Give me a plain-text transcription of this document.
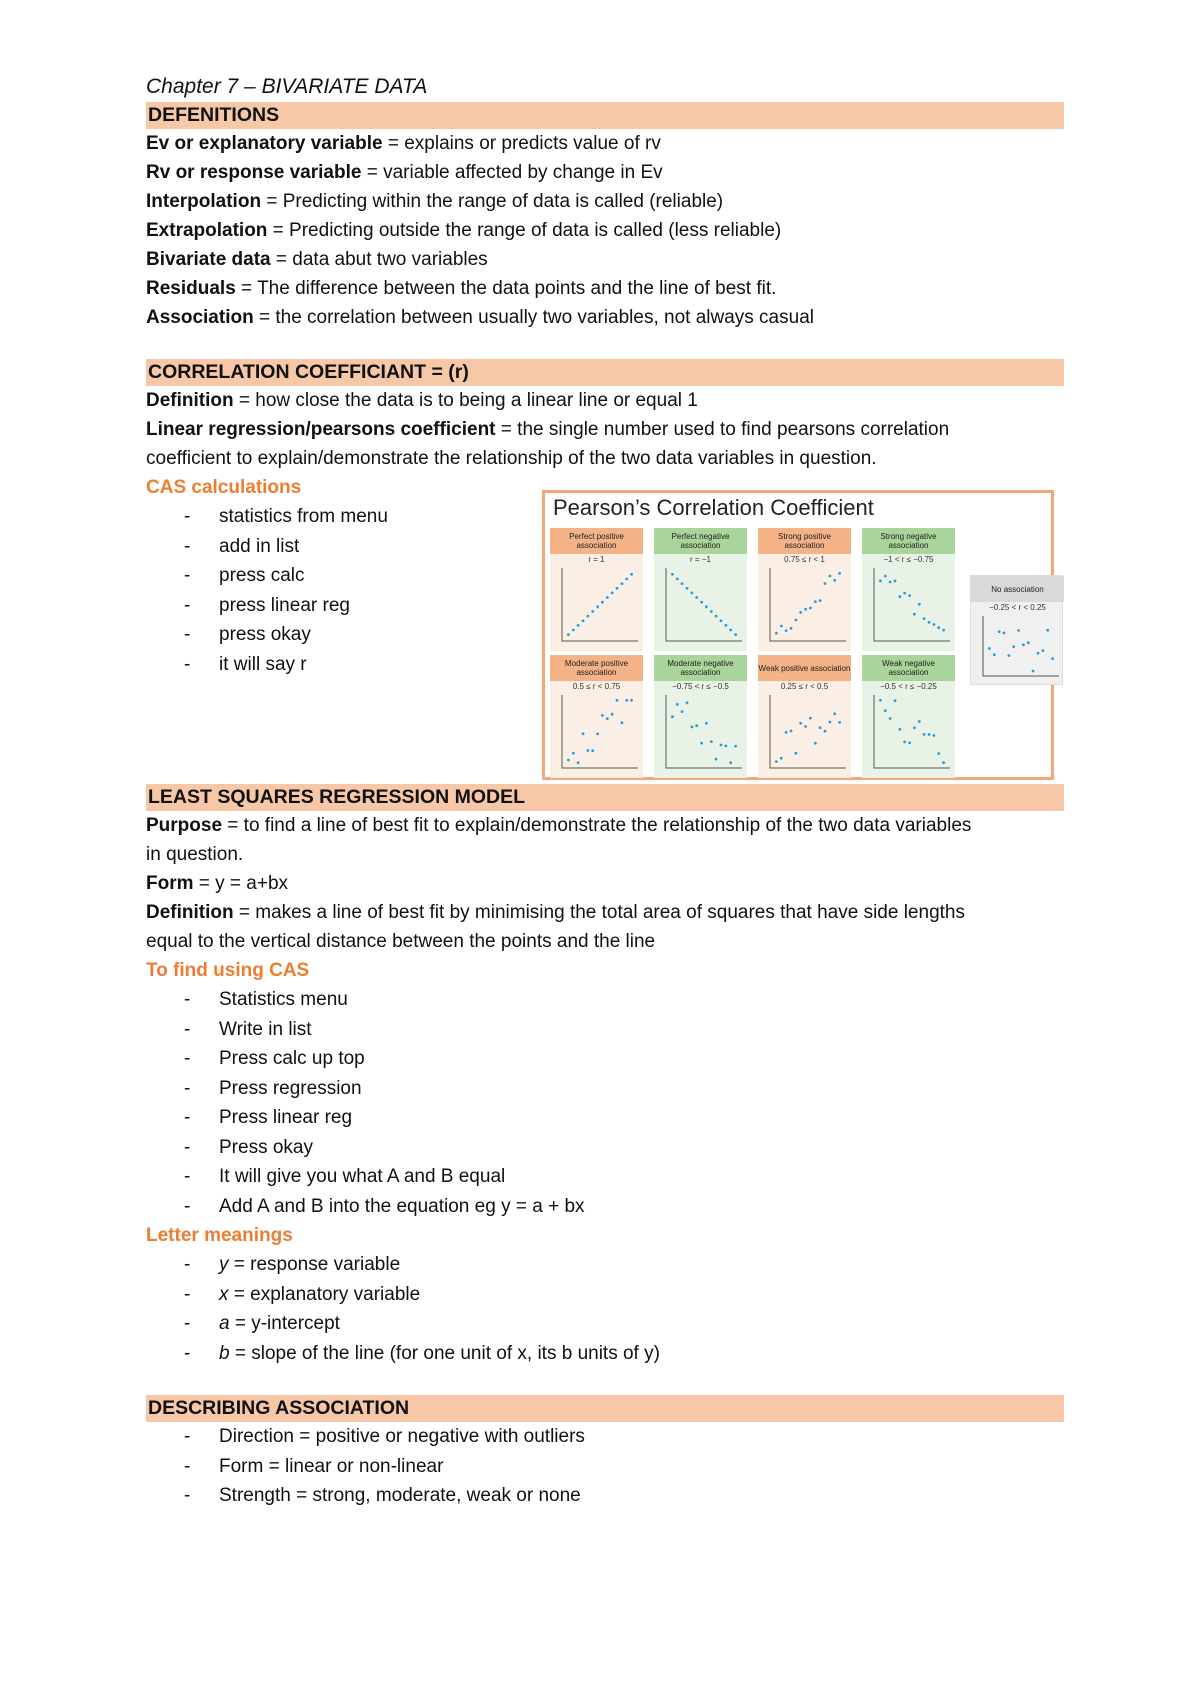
Chapter 7 – BIVARIATE DATA
DEFENITIONS
Ev or explanatory variable = explains or predicts value of rv
Rv or response variable = variable affected by change in Ev
Interpolation = Predicting within the range of data is called (reliable)
Extrapolation = Predicting outside the range of data is called (less reliable)
Bivariate data = data abut two variables
Residuals = The difference between the data points and the line of best fit.
Association = the correlation between usually two variables, not always casual
CORRELATION COEFFICIANT = (r)
Definition = how close the data is to being a linear line or equal 1
Linear regression/pearsons coefficient = the single number used to find pearsons correlation
coefficient to explain/demonstrate the relationship of the two data variables in question.
CAS calculations
- statistics from menu
- add in list
- press calc
- press linear reg
- press okay
- it will say r
LEAST SQUARES REGRESSION MODEL
Purpose = to find a line of best fit to explain/demonstrate the relationship of the two data variables
in question.
Form = y = a+bx
Definition = makes a line of best fit by minimising the total area of squares that have side lengths
equal to the vertical distance between the points and the line
To find using CAS
- Statistics menu
- Write in list
- Press calc up top
- Press regression
- Press linear reg
- Press okay
- It will give you what A and B equal
- Add A and B into the equation eg y = a + bx
Letter meanings
- y = response variable
- x = explanatory variable
- a = y-intercept
- b = slope of the line (for one unit of x, its b units of y)
DESCRIBING ASSOCIATION
- Direction = positive or negative with outliers
- Form = linear or non-linear
- Strength = strong, moderate, weak or none
Pearson’s Correlation Coefficient
Perfect positive association
r = 1
Perfect negative association
r = −1
Strong positive association
0.75 ≤ r < 1
Strong negative association
−1 < r ≤ −0.75
Moderate positive association
0.5 ≤ r < 0.75
Moderate negative association
−0.75 < r ≤ −0.5
Weak positive association
0.25 ≤ r < 0.5
Weak negative association
−0.5 < r ≤ −0.25
No association
−0.25 < r < 0.25
